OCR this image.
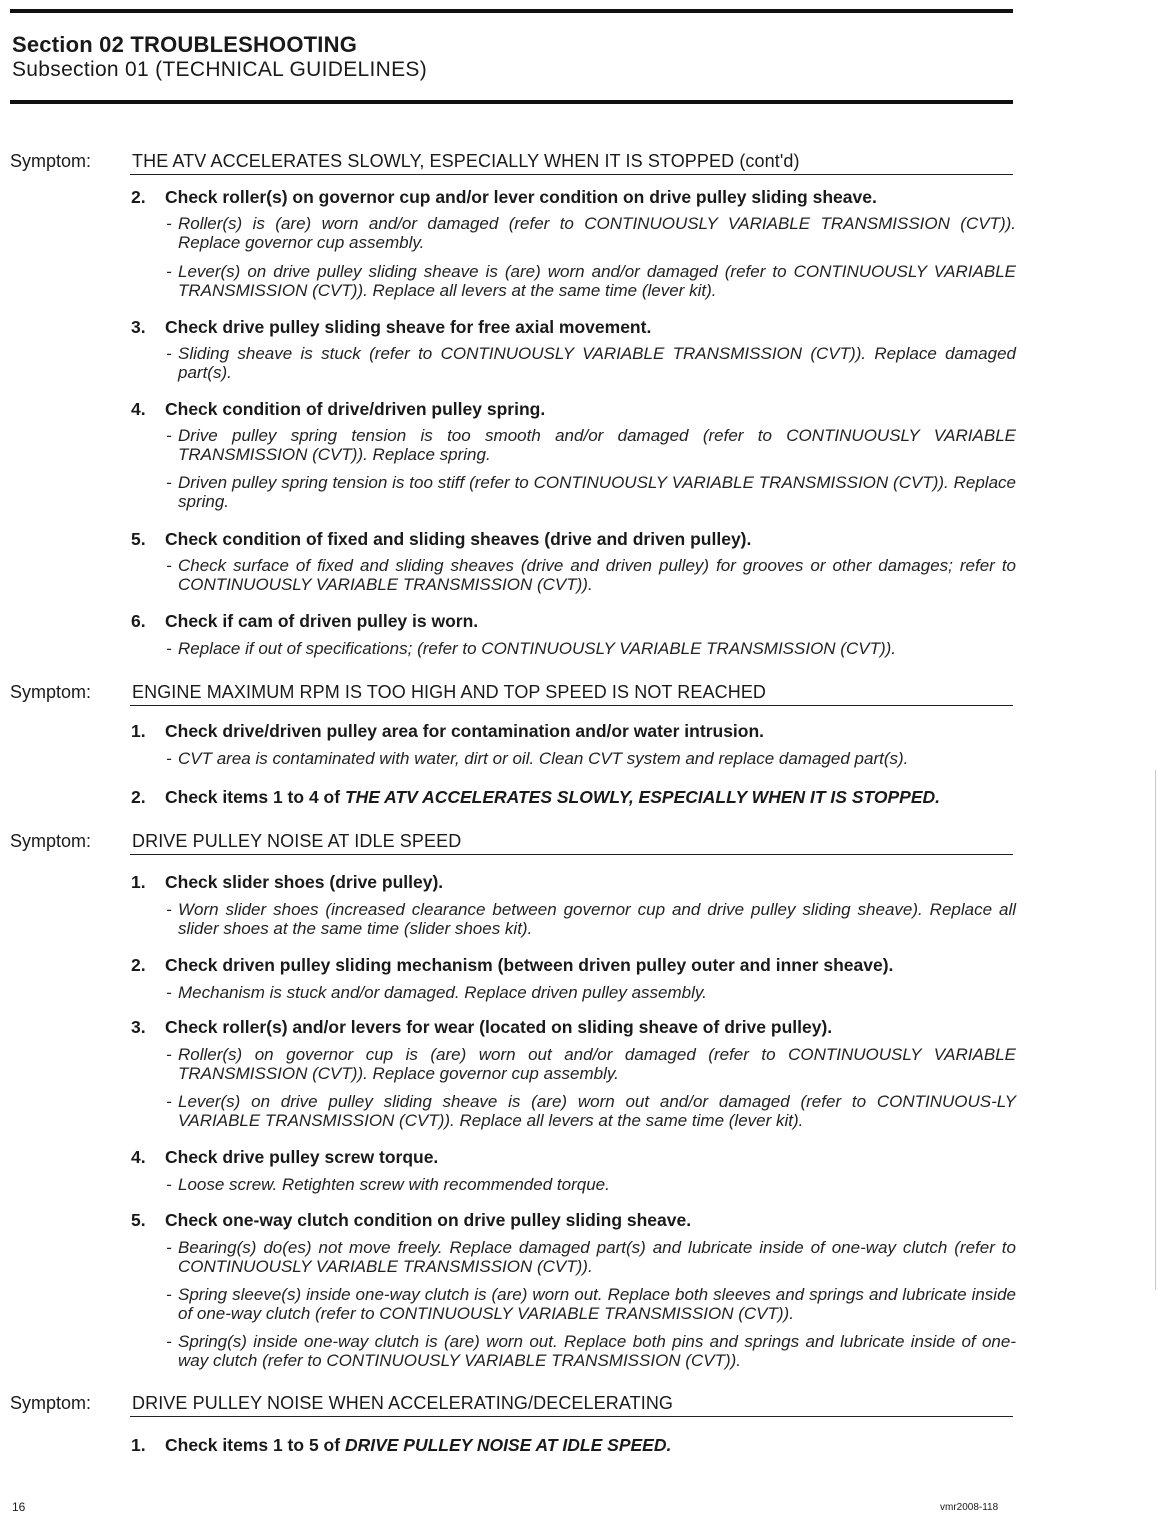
Section 02 TROUBLESHOOTING
Subsection 01 (TECHNICAL GUIDELINES)
Symptom: THE ATV ACCELERATES SLOWLY, ESPECIALLY WHEN IT IS STOPPED (cont'd)
2. Check roller(s) on governor cup and/or lever condition on drive pulley sliding sheave.
- Roller(s) is (are) worn and/or damaged (refer to CONTINUOUSLY VARIABLE TRANSMISSION (CVT)). Replace governor cup assembly.
- Lever(s) on drive pulley sliding sheave is (are) worn and/or damaged (refer to CONTINUOUSLY VARIABLE TRANSMISSION (CVT)). Replace all levers at the same time (lever kit).
3. Check drive pulley sliding sheave for free axial movement.
- Sliding sheave is stuck (refer to CONTINUOUSLY VARIABLE TRANSMISSION (CVT)). Replace damaged part(s).
4. Check condition of drive/driven pulley spring.
- Drive pulley spring tension is too smooth and/or damaged (refer to CONTINUOUSLY VARIABLE TRANSMISSION (CVT)). Replace spring.
- Driven pulley spring tension is too stiff (refer to CONTINUOUSLY VARIABLE TRANSMISSION (CVT)). Replace spring.
5. Check condition of fixed and sliding sheaves (drive and driven pulley).
- Check surface of fixed and sliding sheaves (drive and driven pulley) for grooves or other damages; refer to CONTINUOUSLY VARIABLE TRANSMISSION (CVT)).
6. Check if cam of driven pulley is worn.
- Replace if out of specifications; (refer to CONTINUOUSLY VARIABLE TRANSMISSION (CVT)).
Symptom: ENGINE MAXIMUM RPM IS TOO HIGH AND TOP SPEED IS NOT REACHED
1. Check drive/driven pulley area for contamination and/or water intrusion.
- CVT area is contaminated with water, dirt or oil. Clean CVT system and replace damaged part(s).
2. Check items 1 to 4 of THE ATV ACCELERATES SLOWLY, ESPECIALLY WHEN IT IS STOPPED.
Symptom: DRIVE PULLEY NOISE AT IDLE SPEED
1. Check slider shoes (drive pulley).
- Worn slider shoes (increased clearance between governor cup and drive pulley sliding sheave). Replace all slider shoes at the same time (slider shoes kit).
2. Check driven pulley sliding mechanism (between driven pulley outer and inner sheave).
- Mechanism is stuck and/or damaged. Replace driven pulley assembly.
3. Check roller(s) and/or levers for wear (located on sliding sheave of drive pulley).
- Roller(s) on governor cup is (are) worn out and/or damaged (refer to CONTINUOUSLY VARIABLE TRANSMISSION (CVT)). Replace governor cup assembly.
- Lever(s) on drive pulley sliding sheave is (are) worn out and/or damaged (refer to CONTINUOUS-LY VARIABLE TRANSMISSION (CVT)). Replace all levers at the same time (lever kit).
4. Check drive pulley screw torque.
- Loose screw. Retighten screw with recommended torque.
5. Check one-way clutch condition on drive pulley sliding sheave.
- Bearing(s) do(es) not move freely. Replace damaged part(s) and lubricate inside of one-way clutch (refer to CONTINUOUSLY VARIABLE TRANSMISSION (CVT)).
- Spring sleeve(s) inside one-way clutch is (are) worn out. Replace both sleeves and springs and lubricate inside of one-way clutch (refer to CONTINUOUSLY VARIABLE TRANSMISSION (CVT)).
- Spring(s) inside one-way clutch is (are) worn out. Replace both pins and springs and lubricate inside of one-way clutch (refer to CONTINUOUSLY VARIABLE TRANSMISSION (CVT)).
Symptom: DRIVE PULLEY NOISE WHEN ACCELERATING/DECELERATING
1. Check items 1 to 5 of DRIVE PULLEY NOISE AT IDLE SPEED.
16	vmr2008-118
